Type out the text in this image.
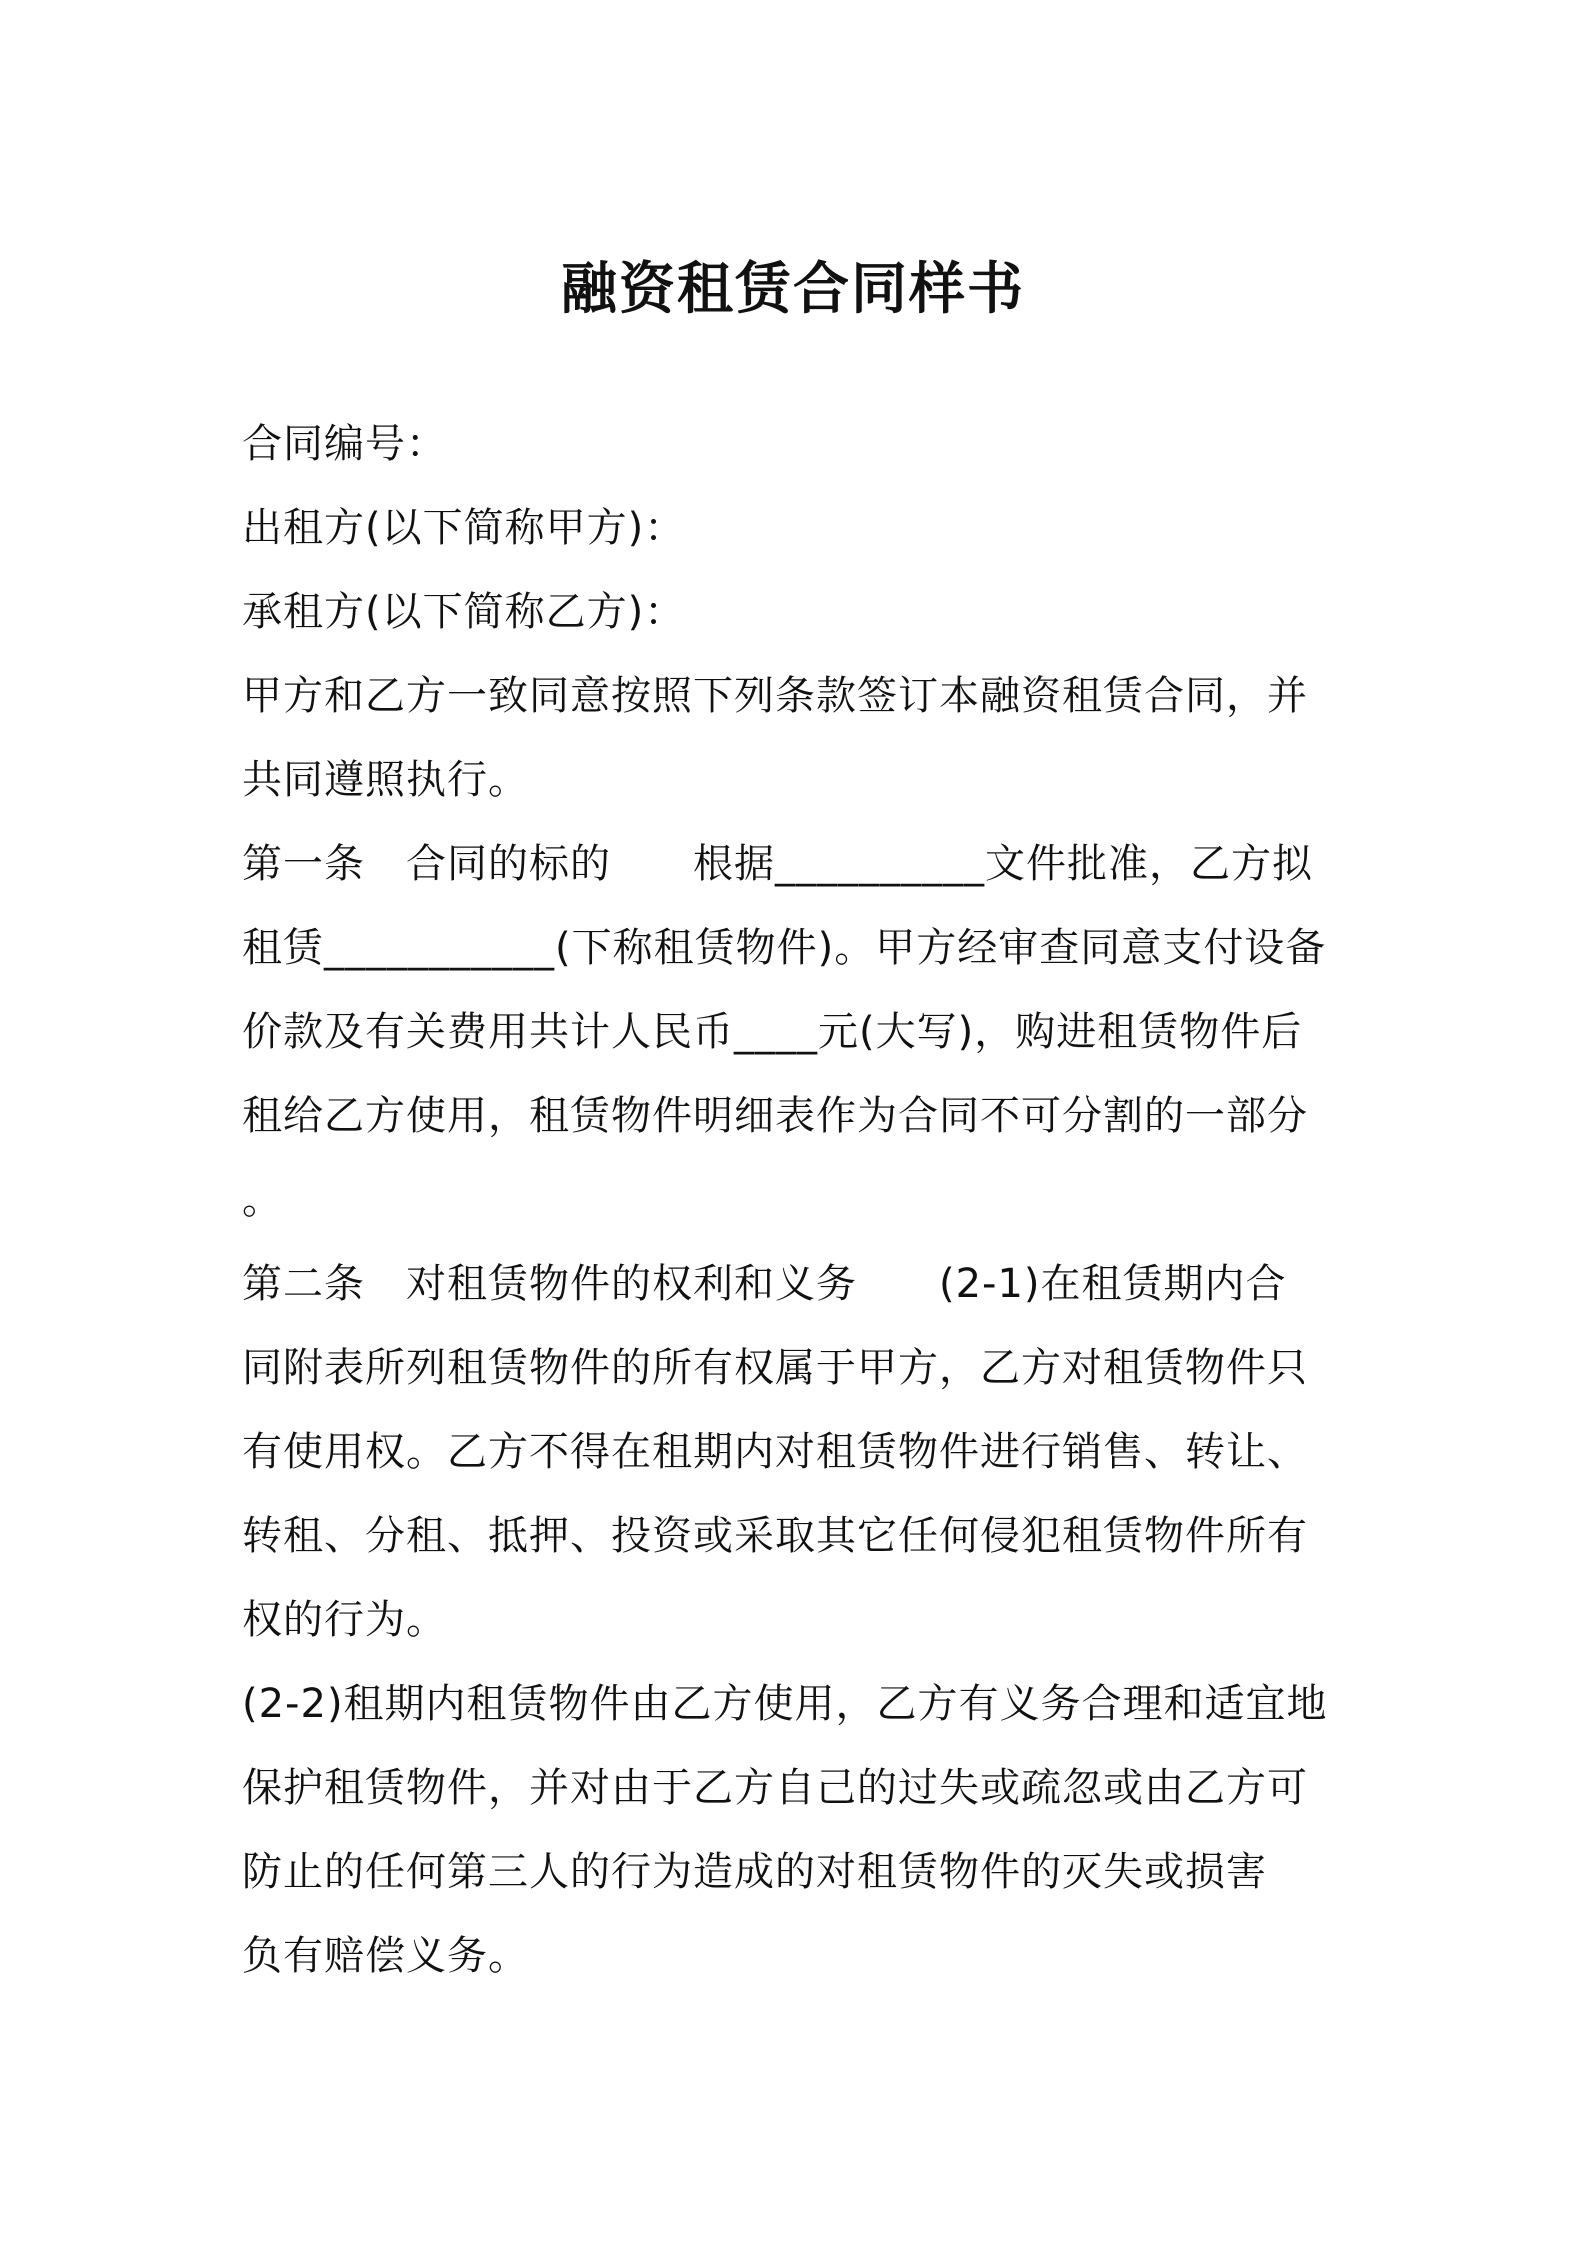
融资租赁合同样书
合同编号：
出租方(以下简称甲方)：
承租方(以下简称乙方)：
甲方和乙方一致同意按照下列条款签订本融资租赁合同，并
共同遵照执行。
第一条　合同的标的　　根据__________文件批准，乙方拟
租赁___________(下称租赁物件)。甲方经审查同意支付设备
价款及有关费用共计人民币____元(大写)，购进租赁物件后
租给乙方使用，租赁物件明细表作为合同不可分割的一部分
。
第二条　对租赁物件的权利和义务　　(2-1)在租赁期内合
同附表所列租赁物件的所有权属于甲方，乙方对租赁物件只
有使用权。乙方不得在租期内对租赁物件进行销售、转让、
转租、分租、抵押、投资或采取其它任何侵犯租赁物件所有
权的行为。
(2-2)租期内租赁物件由乙方使用，乙方有义务合理和适宜地
保护租赁物件，并对由于乙方自己的过失或疏忽或由乙方可
防止的任何第三人的行为造成的对租赁物件的灭失或损害
负有赔偿义务。
